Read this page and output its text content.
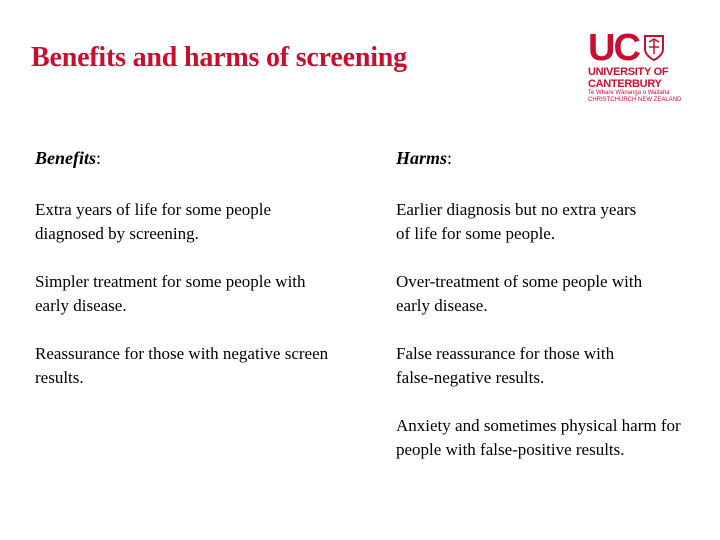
Benefits and harms of screening	UC
UNIVERSITY OF
CANTERBURY
Te Whare Wānanga o Waitaha
CHRISTCHURCH NEW ZEALAND
Benefits:	Harms:
Extra years of life for some people diagnosed by screening.
Simpler treatment for some people with early disease.
Reassurance for those with negative screen results.
Earlier diagnosis but no extra years of life for some people.
Over-treatment of some people with early disease.
False reassurance for those with false-negative results.
Anxiety and sometimes physical harm for people with false-positive results.
